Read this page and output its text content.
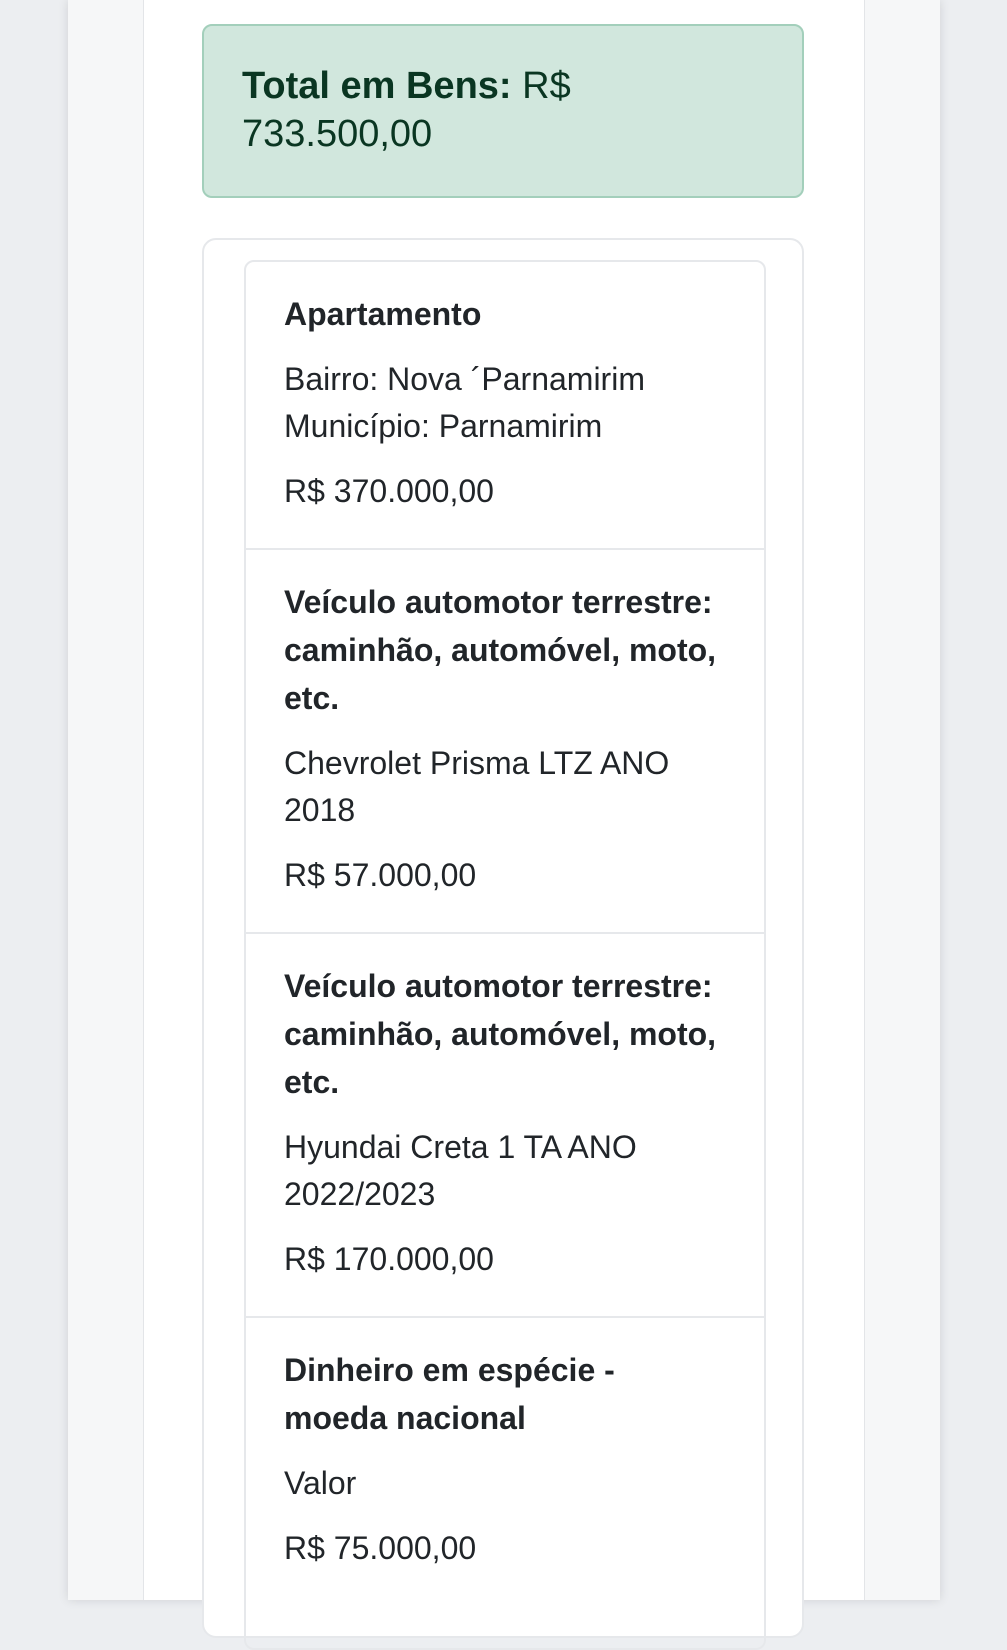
Total em Bens: R$ 733.500,00
Apartamento
Bairro: Nova ´Parnamirim
Município: Parnamirim
R$ 370.000,00
Veículo automotor terrestre: caminhão, automóvel, moto, etc.
Chevrolet Prisma LTZ ANO 2018
R$ 57.000,00
Veículo automotor terrestre: caminhão, automóvel, moto, etc.
Hyundai Creta 1 TA ANO 2022/2023
R$ 170.000,00
Dinheiro em espécie - moeda nacional
Valor
R$ 75.000,00
